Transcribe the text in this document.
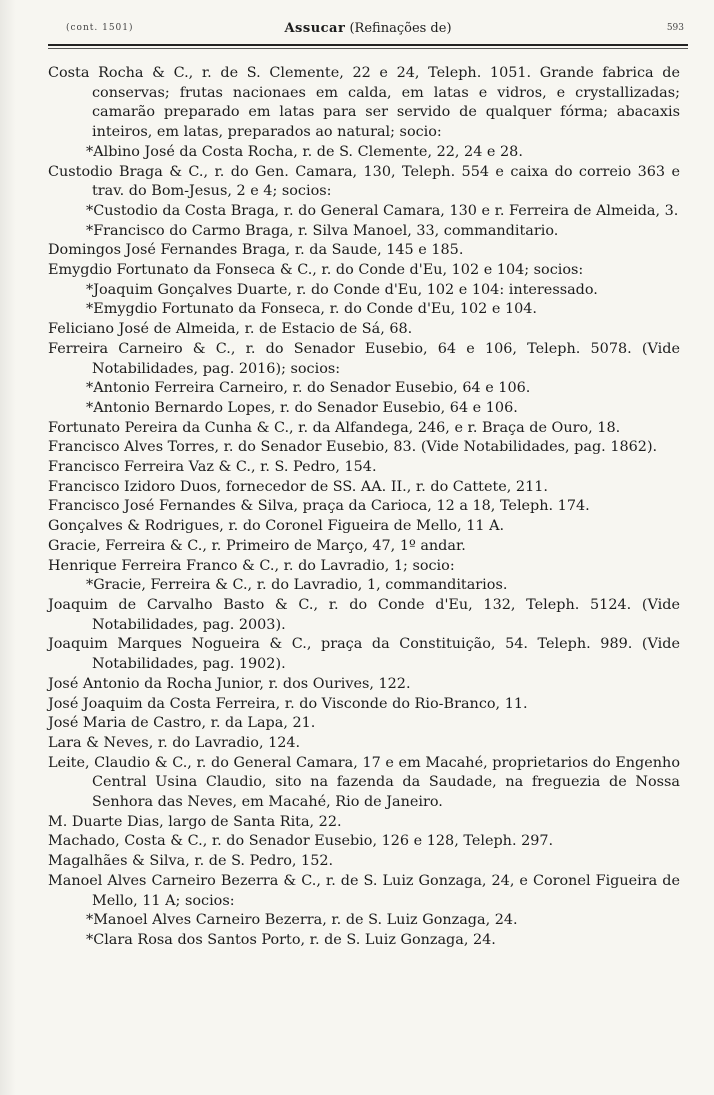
(cont. 1501)	Assucar (Refinações de)	593

Costa Rocha & C., r. de S. Clemente, 22 e 24, Teleph. 1051. Grande fabrica de conservas; frutas nacionaes em calda, em latas e vidros, e crystallizadas; camarão preparado em latas para ser servido de qualquer fórma; abacaxis inteiros, em latas, preparados ao natural; socio:

*Albino José da Costa Rocha, r. de S. Clemente, 22, 24 e 28.

Custodio Braga & C., r. do Gen. Camara, 130, Teleph. 554 e caixa do correio 363 e trav. do Bom-Jesus, 2 e 4; socios:

*Custodio da Costa Braga, r. do General Camara, 130 e r. Ferreira de Almeida, 3.

*Francisco do Carmo Braga, r. Silva Manoel, 33, commanditario.

Domingos José Fernandes Braga, r. da Saude, 145 e 185.

Emygdio Fortunato da Fonseca & C., r. do Conde d'Eu, 102 e 104; socios:

*Joaquim Gonçalves Duarte, r. do Conde d'Eu, 102 e 104: interessado.

*Emygdio Fortunato da Fonseca, r. do Conde d'Eu, 102 e 104.

Feliciano José de Almeida, r. de Estacio de Sá, 68.

Ferreira Carneiro & C., r. do Senador Eusebio, 64 e 106, Teleph. 5078. (Vide Notabilidades, pag. 2016); socios:

*Antonio Ferreira Carneiro, r. do Senador Eusebio, 64 e 106.

*Antonio Bernardo Lopes, r. do Senador Eusebio, 64 e 106.

Fortunato Pereira da Cunha & C., r. da Alfandega, 246, e r. Braça de Ouro, 18.

Francisco Alves Torres, r. do Senador Eusebio, 83. (Vide Notabilidades, pag. 1862).

Francisco Ferreira Vaz & C., r. S. Pedro, 154.

Francisco Izidoro Duos, fornecedor de SS. AA. II., r. do Cattete, 211.

Francisco José Fernandes & Silva, praça da Carioca, 12 a 18, Teleph. 174.

Gonçalves & Rodrigues, r. do Coronel Figueira de Mello, 11 A.

Gracie, Ferreira & C., r. Primeiro de Março, 47, 1º andar.

Henrique Ferreira Franco & C., r. do Lavradio, 1; socio:

*Gracie, Ferreira & C., r. do Lavradio, 1, commanditarios.

Joaquim de Carvalho Basto & C., r. do Conde d'Eu, 132, Teleph. 5124. (Vide Notabilidades, pag. 2003).

Joaquim Marques Nogueira & C., praça da Constituição, 54. Teleph. 989. (Vide Notabilidades, pag. 1902).

José Antonio da Rocha Junior, r. dos Ourives, 122.

José Joaquim da Costa Ferreira, r. do Visconde do Rio-Branco, 11.

José Maria de Castro, r. da Lapa, 21.

Lara & Neves, r. do Lavradio, 124.

Leite, Claudio & C., r. do General Camara, 17 e em Macahé, proprietarios do Engenho Central Usina Claudio, sito na fazenda da Saudade, na freguezia de Nossa Senhora das Neves, em Macahé, Rio de Janeiro.

M. Duarte Dias, largo de Santa Rita, 22.

Machado, Costa & C., r. do Senador Eusebio, 126 e 128, Teleph. 297.

Magalhães & Silva, r. de S. Pedro, 152.

Manoel Alves Carneiro Bezerra & C., r. de S. Luiz Gonzaga, 24, e Coronel Figueira de Mello, 11 A; socios:

*Manoel Alves Carneiro Bezerra, r. de S. Luiz Gonzaga, 24.

*Clara Rosa dos Santos Porto, r. de S. Luiz Gonzaga, 24.
